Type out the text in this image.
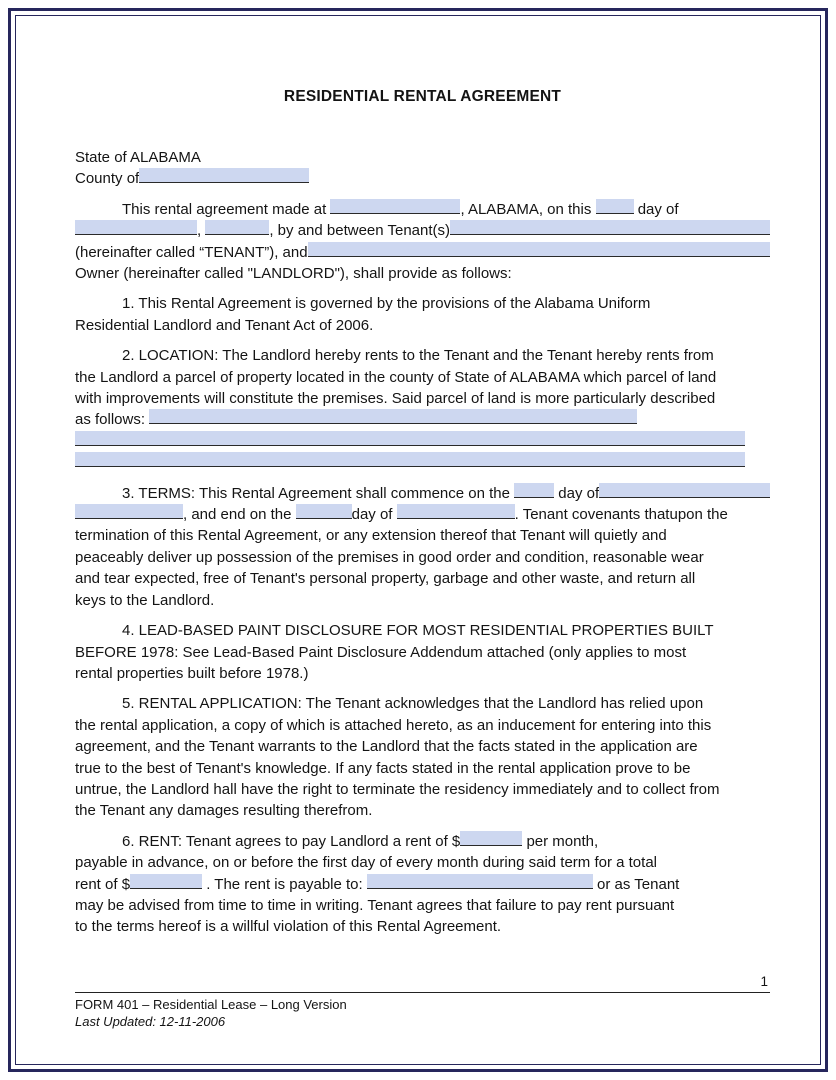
RESIDENTIAL RENTAL AGREEMENT
State of ALABAMA
County of
This rental agreement made at	, ALABAMA, on this	day of
,	, by and between Tenant(s)
(hereinafter called “TENANT”), and
Owner (hereinafter called "LANDLORD"), shall provide as follows:
1. This Rental Agreement is governed by the provisions of the Alabama Uniform
Residential Landlord and Tenant Act of 2006.
2. LOCATION: The Landlord hereby rents to the Tenant and the Tenant hereby rents from
the Landlord a parcel of property located in the county of State of ALABAMA which parcel of land
with improvements will constitute the premises. Said parcel of land is more particularly described
as follows:
3. TERMS: This Rental Agreement shall commence on the	day of
, and end on the	day of	. Tenant covenants thatupon the
termination of this Rental Agreement, or any extension thereof that Tenant will quietly and
peaceably deliver up possession of the premises in good order and condition, reasonable wear
and tear expected, free of Tenant's personal property, garbage and other waste, and return all
keys to the Landlord.
4. LEAD-BASED PAINT DISCLOSURE FOR MOST RESIDENTIAL PROPERTIES BUILT
BEFORE 1978: See Lead-Based Paint Disclosure Addendum attached (only applies to most
rental properties built before 1978.)
5. RENTAL APPLICATION: The Tenant acknowledges that the Landlord has relied upon
the rental application, a copy of which is attached hereto, as an inducement for entering into this
agreement, and the Tenant warrants to the Landlord that the facts stated in the application are
true to the best of Tenant's knowledge. If any facts stated in the rental application prove to be
untrue, the Landlord hall have the right to terminate the residency immediately and to collect from
the Tenant any damages resulting therefrom.
6. RENT: Tenant agrees to pay Landlord a rent of $	per month,
payable in advance, on or before the first day of every month during said term for a total
rent of $	. The rent is payable to:	or as Tenant
may be advised from time to time in writing. Tenant agrees that failure to pay rent pursuant
to the terms hereof is a willful violation of this Rental Agreement.
1
FORM 401 – Residential Lease – Long Version
Last Updated: 12-11-2006
